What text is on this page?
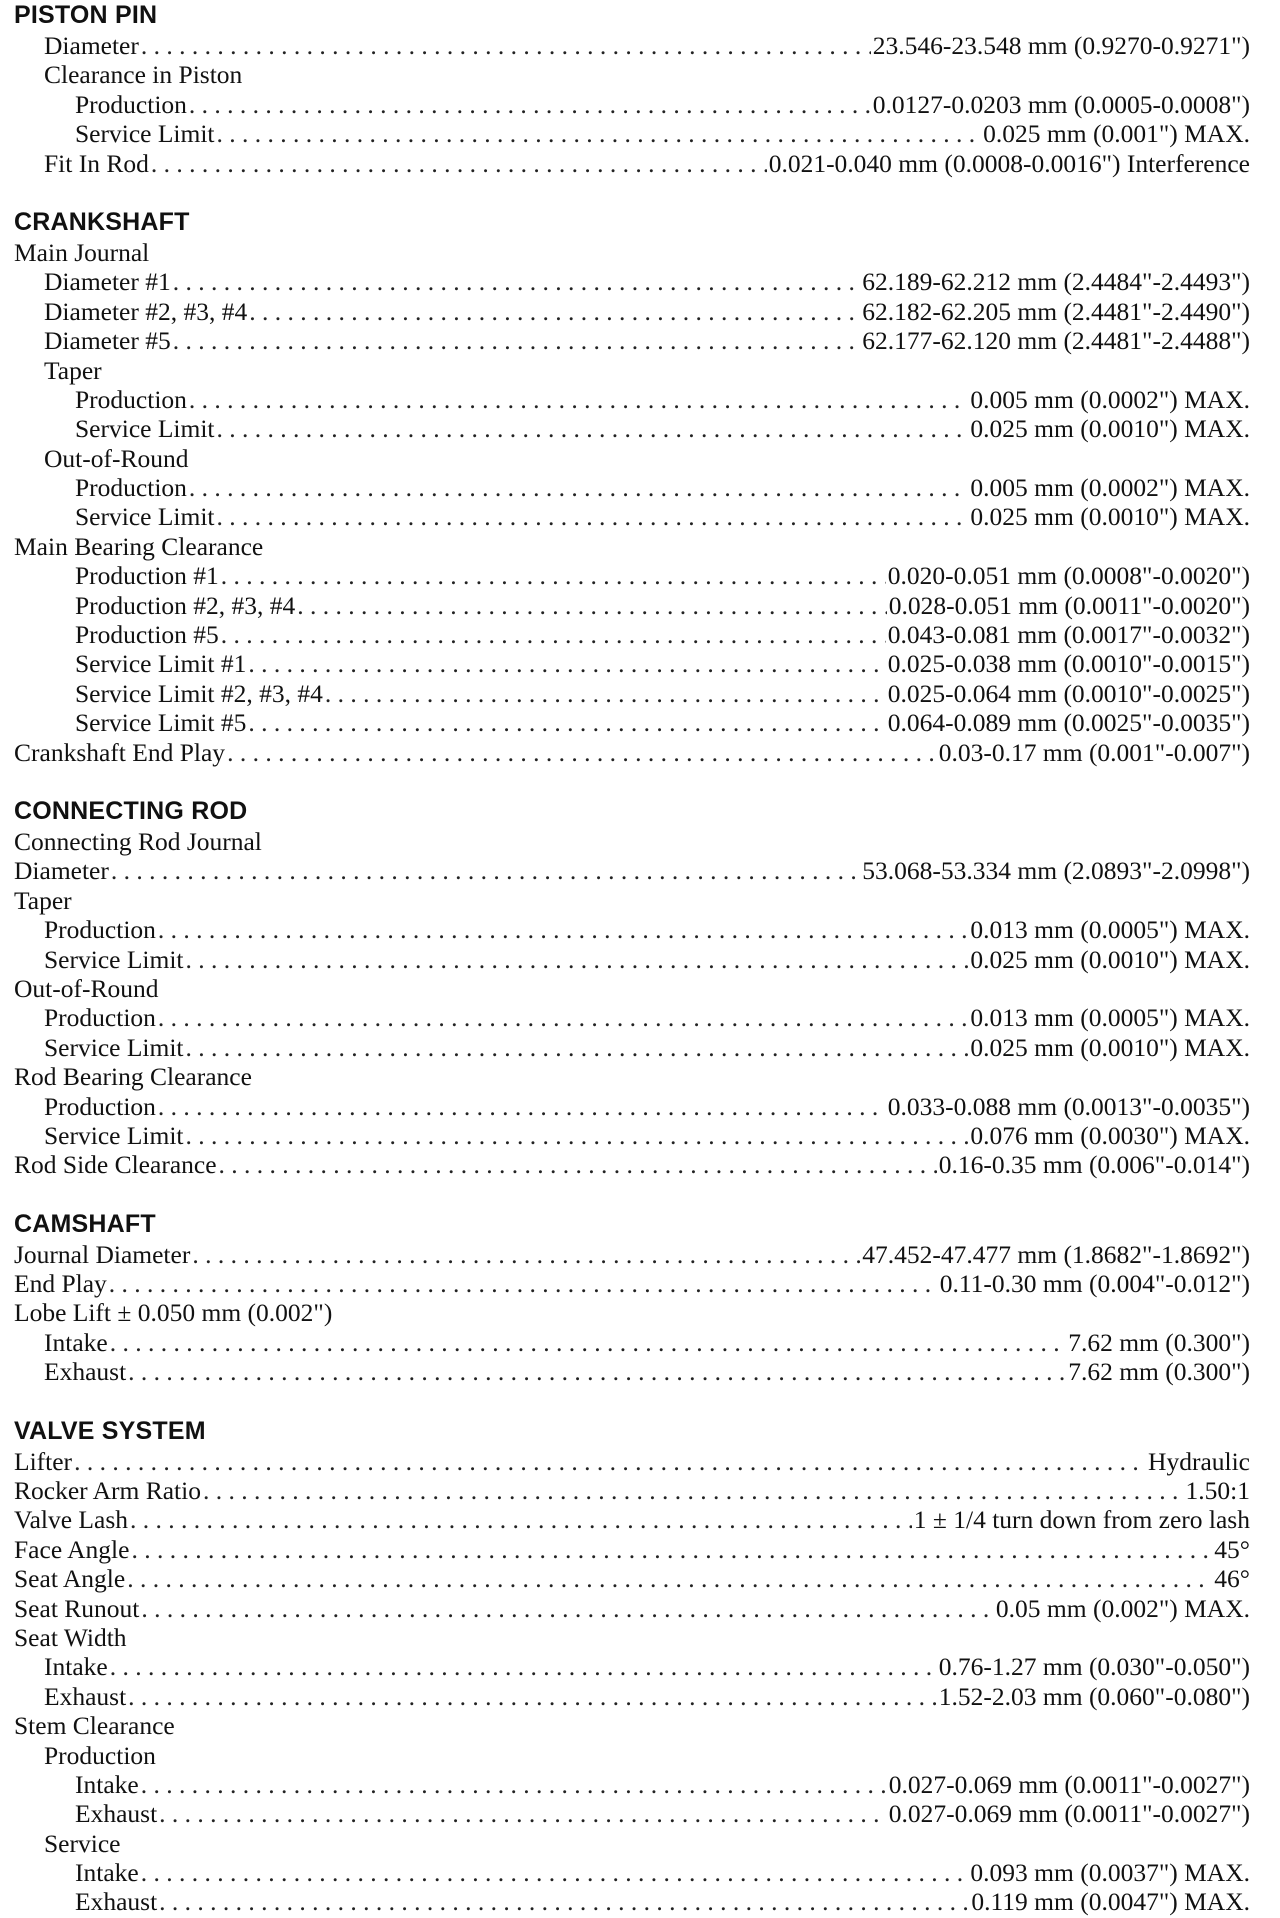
PISTON PIN
Diameter . . .	23.546-23.548 mm (0.9270-0.9271")
Clearance in Piston
Production . . .	0.0127-0.0203 mm (0.0005-0.0008")
Service Limit . . .	0.025 mm (0.001") MAX.
Fit In Rod . . .	0.021-0.040 mm (0.0008-0.0016") Interference
CRANKSHAFT
Main Journal
Diameter #1 . . .	62.189-62.212 mm (2.4484"-2.4493")
Diameter #2, #3, #4 . . .	62.182-62.205 mm (2.4481"-2.4490")
Diameter #5 . . .	62.177-62.120 mm (2.4481"-2.4488")
Taper
Production . . .	0.005 mm (0.0002") MAX.
Service Limit . . .	0.025 mm (0.0010") MAX.
Out-of-Round
Production . . .	0.005 mm (0.0002") MAX.
Service Limit . . .	0.025 mm (0.0010") MAX.
Main Bearing Clearance
Production #1 . . .	0.020-0.051 mm (0.0008"-0.0020")
Production #2, #3, #4 . . .	0.028-0.051 mm (0.0011"-0.0020")
Production #5 . . .	0.043-0.081 mm (0.0017"-0.0032")
Service Limit #1 . . .	0.025-0.038 mm (0.0010"-0.0015")
Service Limit #2, #3, #4 . . .	0.025-0.064 mm (0.0010"-0.0025")
Service Limit #5 . . .	0.064-0.089 mm (0.0025"-0.0035")
Crankshaft End Play . . .	0.03-0.17 mm (0.001"-0.007")
CONNECTING ROD
Connecting Rod Journal
Diameter . . .	53.068-53.334 mm (2.0893"-2.0998")
Taper
Production . . .	0.013 mm (0.0005") MAX.
Service Limit . . .	0.025 mm (0.0010") MAX.
Out-of-Round
Production . . .	0.013 mm (0.0005") MAX.
Service Limit . . .	0.025 mm (0.0010") MAX.
Rod Bearing Clearance
Production . . .	0.033-0.088 mm (0.0013"-0.0035")
Service Limit . . .	0.076 mm (0.0030") MAX.
Rod Side Clearance . . .	0.16-0.35 mm (0.006"-0.014")
CAMSHAFT
Journal Diameter . . .	47.452-47.477 mm (1.8682"-1.8692")
End Play . . .	0.11-0.30 mm (0.004"-0.012")
Lobe Lift ± 0.050 mm (0.002")
Intake . . .	7.62 mm (0.300")
Exhaust . . .	7.62 mm (0.300")
VALVE SYSTEM
Lifter . . .	Hydraulic
Rocker Arm Ratio . . .	1.50:1
Valve Lash . . .	1 ± 1/4 turn down from zero lash
Face Angle . . .	45°
Seat Angle . . .	46°
Seat Runout . . .	0.05 mm (0.002") MAX.
Seat Width
Intake . . .	0.76-1.27 mm (0.030"-0.050")
Exhaust . . .	1.52-2.03 mm (0.060"-0.080")
Stem Clearance
Production
Intake . . .	0.027-0.069 mm (0.0011"-0.0027")
Exhaust . . .	0.027-0.069 mm (0.0011"-0.0027")
Service
Intake . . .	0.093 mm (0.0037") MAX.
Exhaust . . .	0.119 mm (0.0047") MAX.
